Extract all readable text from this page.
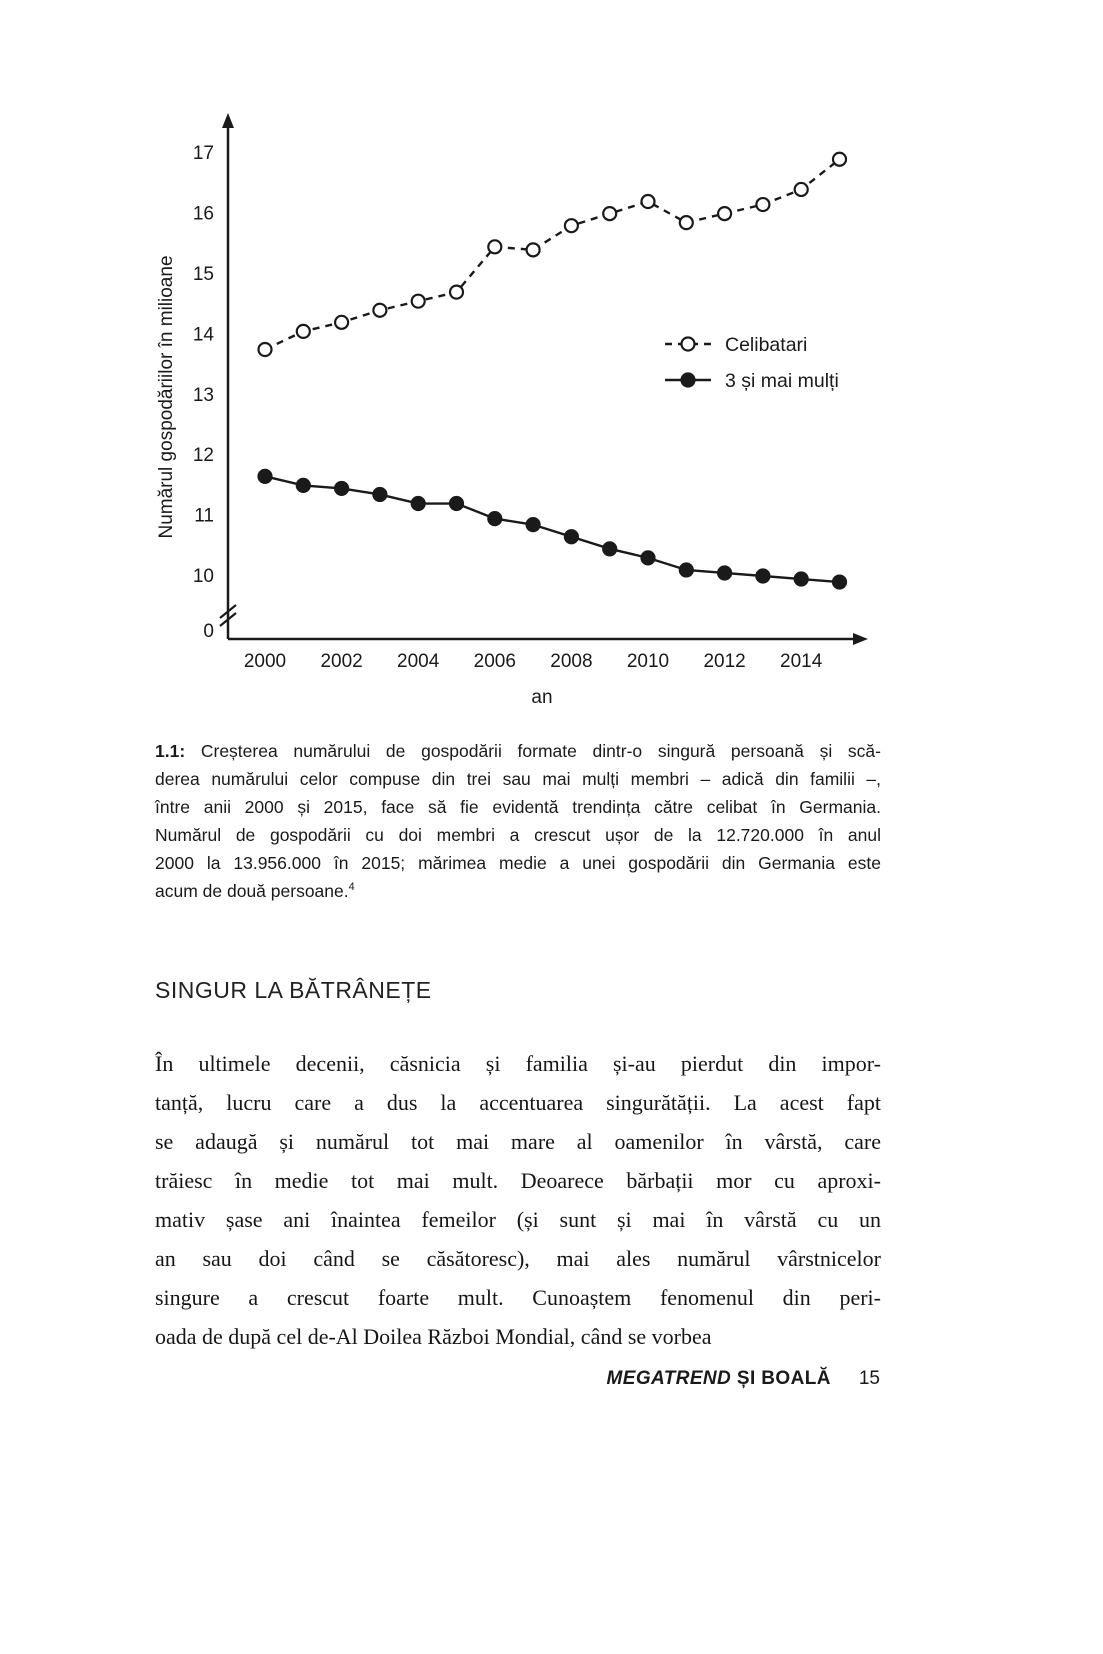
0
10
11
12
13
14
15
16
17
2000 2002 2004 2006 2008 2010 2012 2014
an
Numărul gospodăriilor în milioane	Celibatari
3 și mai mulți
1.1: Creșterea numărului de gospodării formate dintr-o singură persoană și scă-
derea numărului celor compuse din trei sau mai mulți membri – adică din familii –,
între anii 2000 și 2015, face să fie evidentă trendința către celibat în Germania.
Numărul de gospodării cu doi membri a crescut ușor de la 12.720.000 în anul
2000 la 13.956.000 în 2015; mărimea medie a unei gospodării din Germania este
acum de două persoane.$^4$
SINGUR LA BĂTRÂNEȚE
În ultimele decenii, căsnicia și familia și-au pierdut din impor-
tanță, lucru care a dus la accentuarea singurătății. La acest fapt
se adaugă și numărul tot mai mare al oamenilor în vârstă, care
trăiesc în medie tot mai mult. Deoarece bărbații mor cu aproxi-
mativ șase ani înaintea femeilor (și sunt și mai în vârstă cu un
an sau doi când se căsătoresc), mai ales numărul vârstnicelor
singure a crescut foarte mult. Cunoaștem fenomenul din peri-
oada de după cel de-Al Doilea Război Mondial, când se vorbea
MEGATREND ȘI BOALĂ 15
